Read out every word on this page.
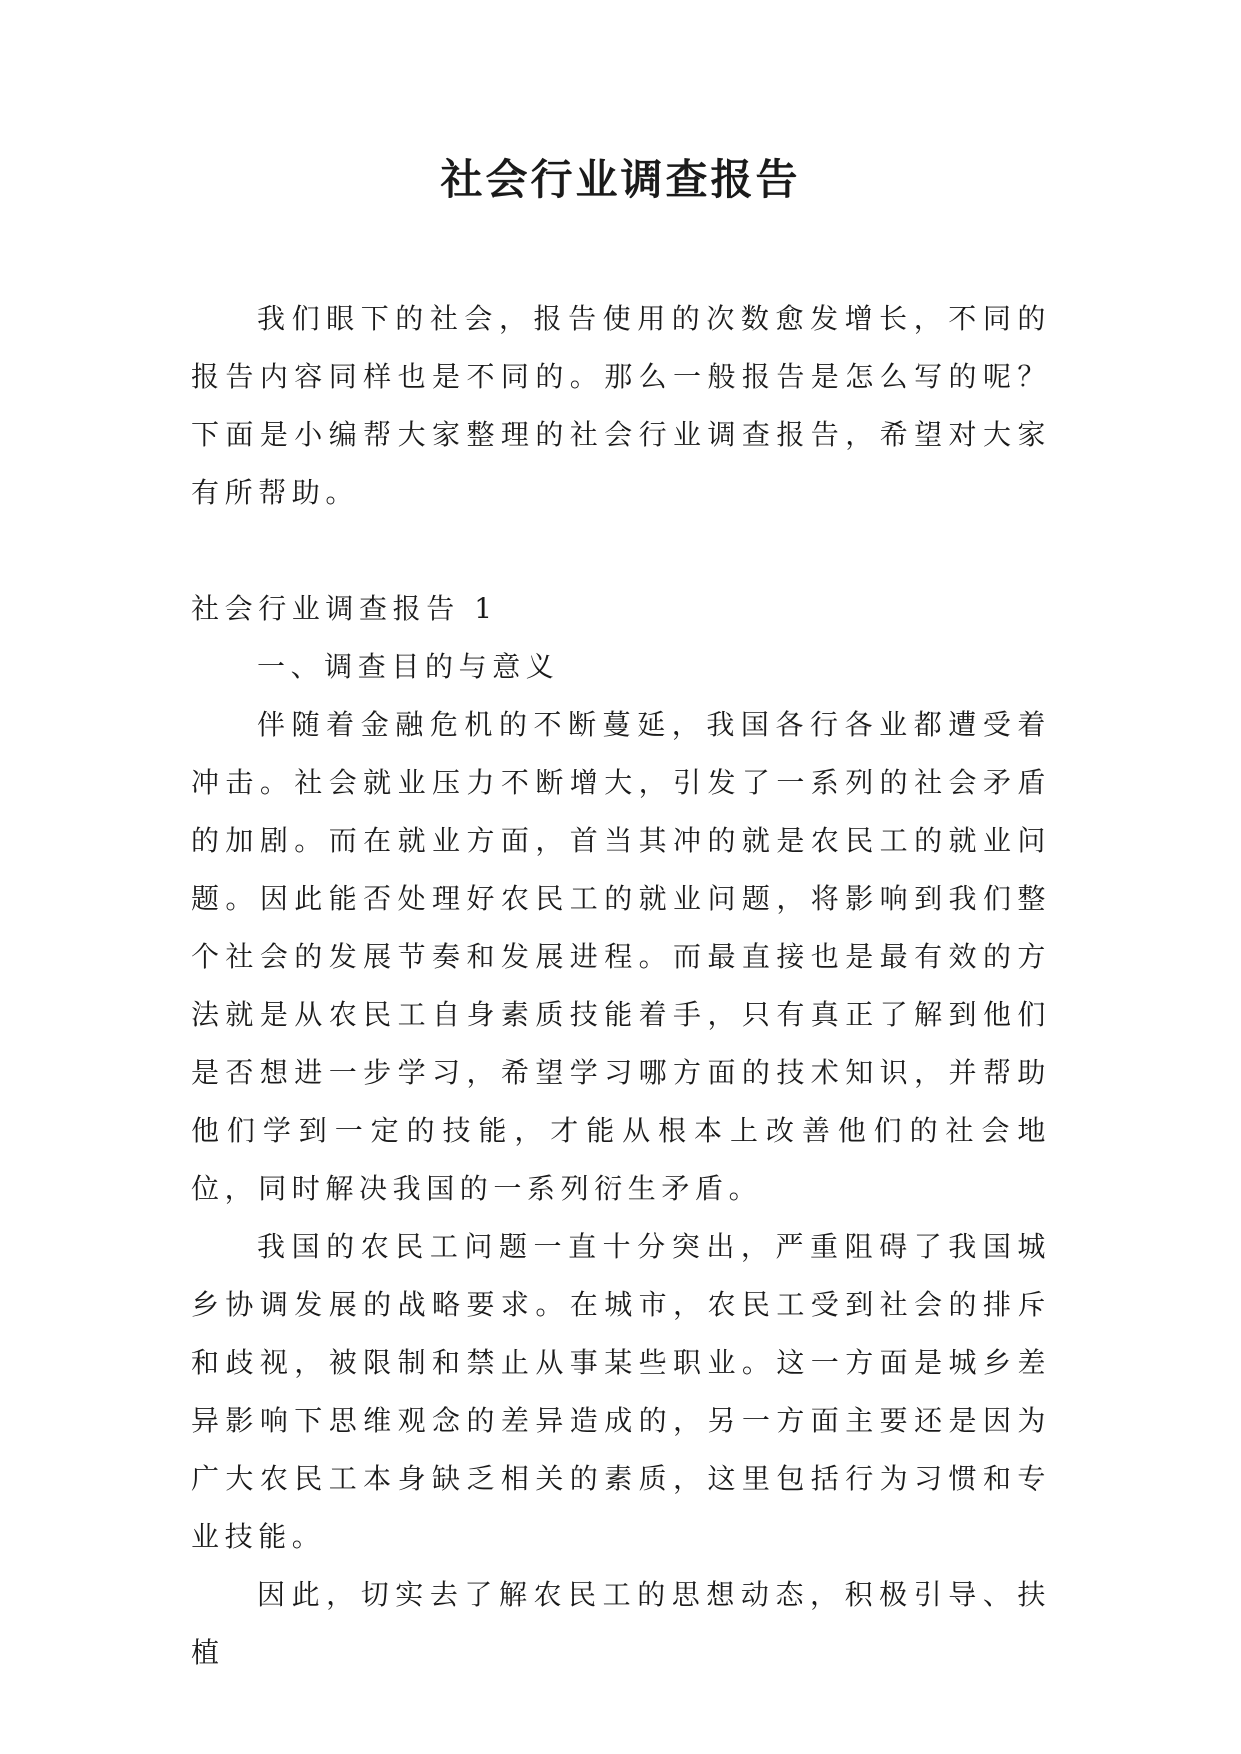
社会行业调查报告

我们眼下的社会，报告使用的次数愈发增长，不同的报告内容同样也是不同的。那么一般报告是怎么写的呢？下面是小编帮大家整理的社会行业调查报告，希望对大家有所帮助。

社会行业调查报告 1

一、调查目的与意义

伴随着金融危机的不断蔓延，我国各行各业都遭受着冲击。社会就业压力不断增大，引发了一系列的社会矛盾的加剧。而在就业方面，首当其冲的就是农民工的就业问题。因此能否处理好农民工的就业问题，将影响到我们整个社会的发展节奏和发展进程。而最直接也是最有效的方法就是从农民工自身素质技能着手，只有真正了解到他们是否想进一步学习，希望学习哪方面的技术知识，并帮助他们学到一定的技能，才能从根本上改善他们的社会地位，同时解决我国的一系列衍生矛盾。

我国的农民工问题一直十分突出，严重阻碍了我国城乡协调发展的战略要求。在城市，农民工受到社会的排斥和歧视，被限制和禁止从事某些职业。这一方面是城乡差异影响下思维观念的差异造成的，另一方面主要还是因为广大农民工本身缺乏相关的素质，这里包括行为习惯和专业技能。

因此，切实去了解农民工的思想动态，积极引导、扶植
